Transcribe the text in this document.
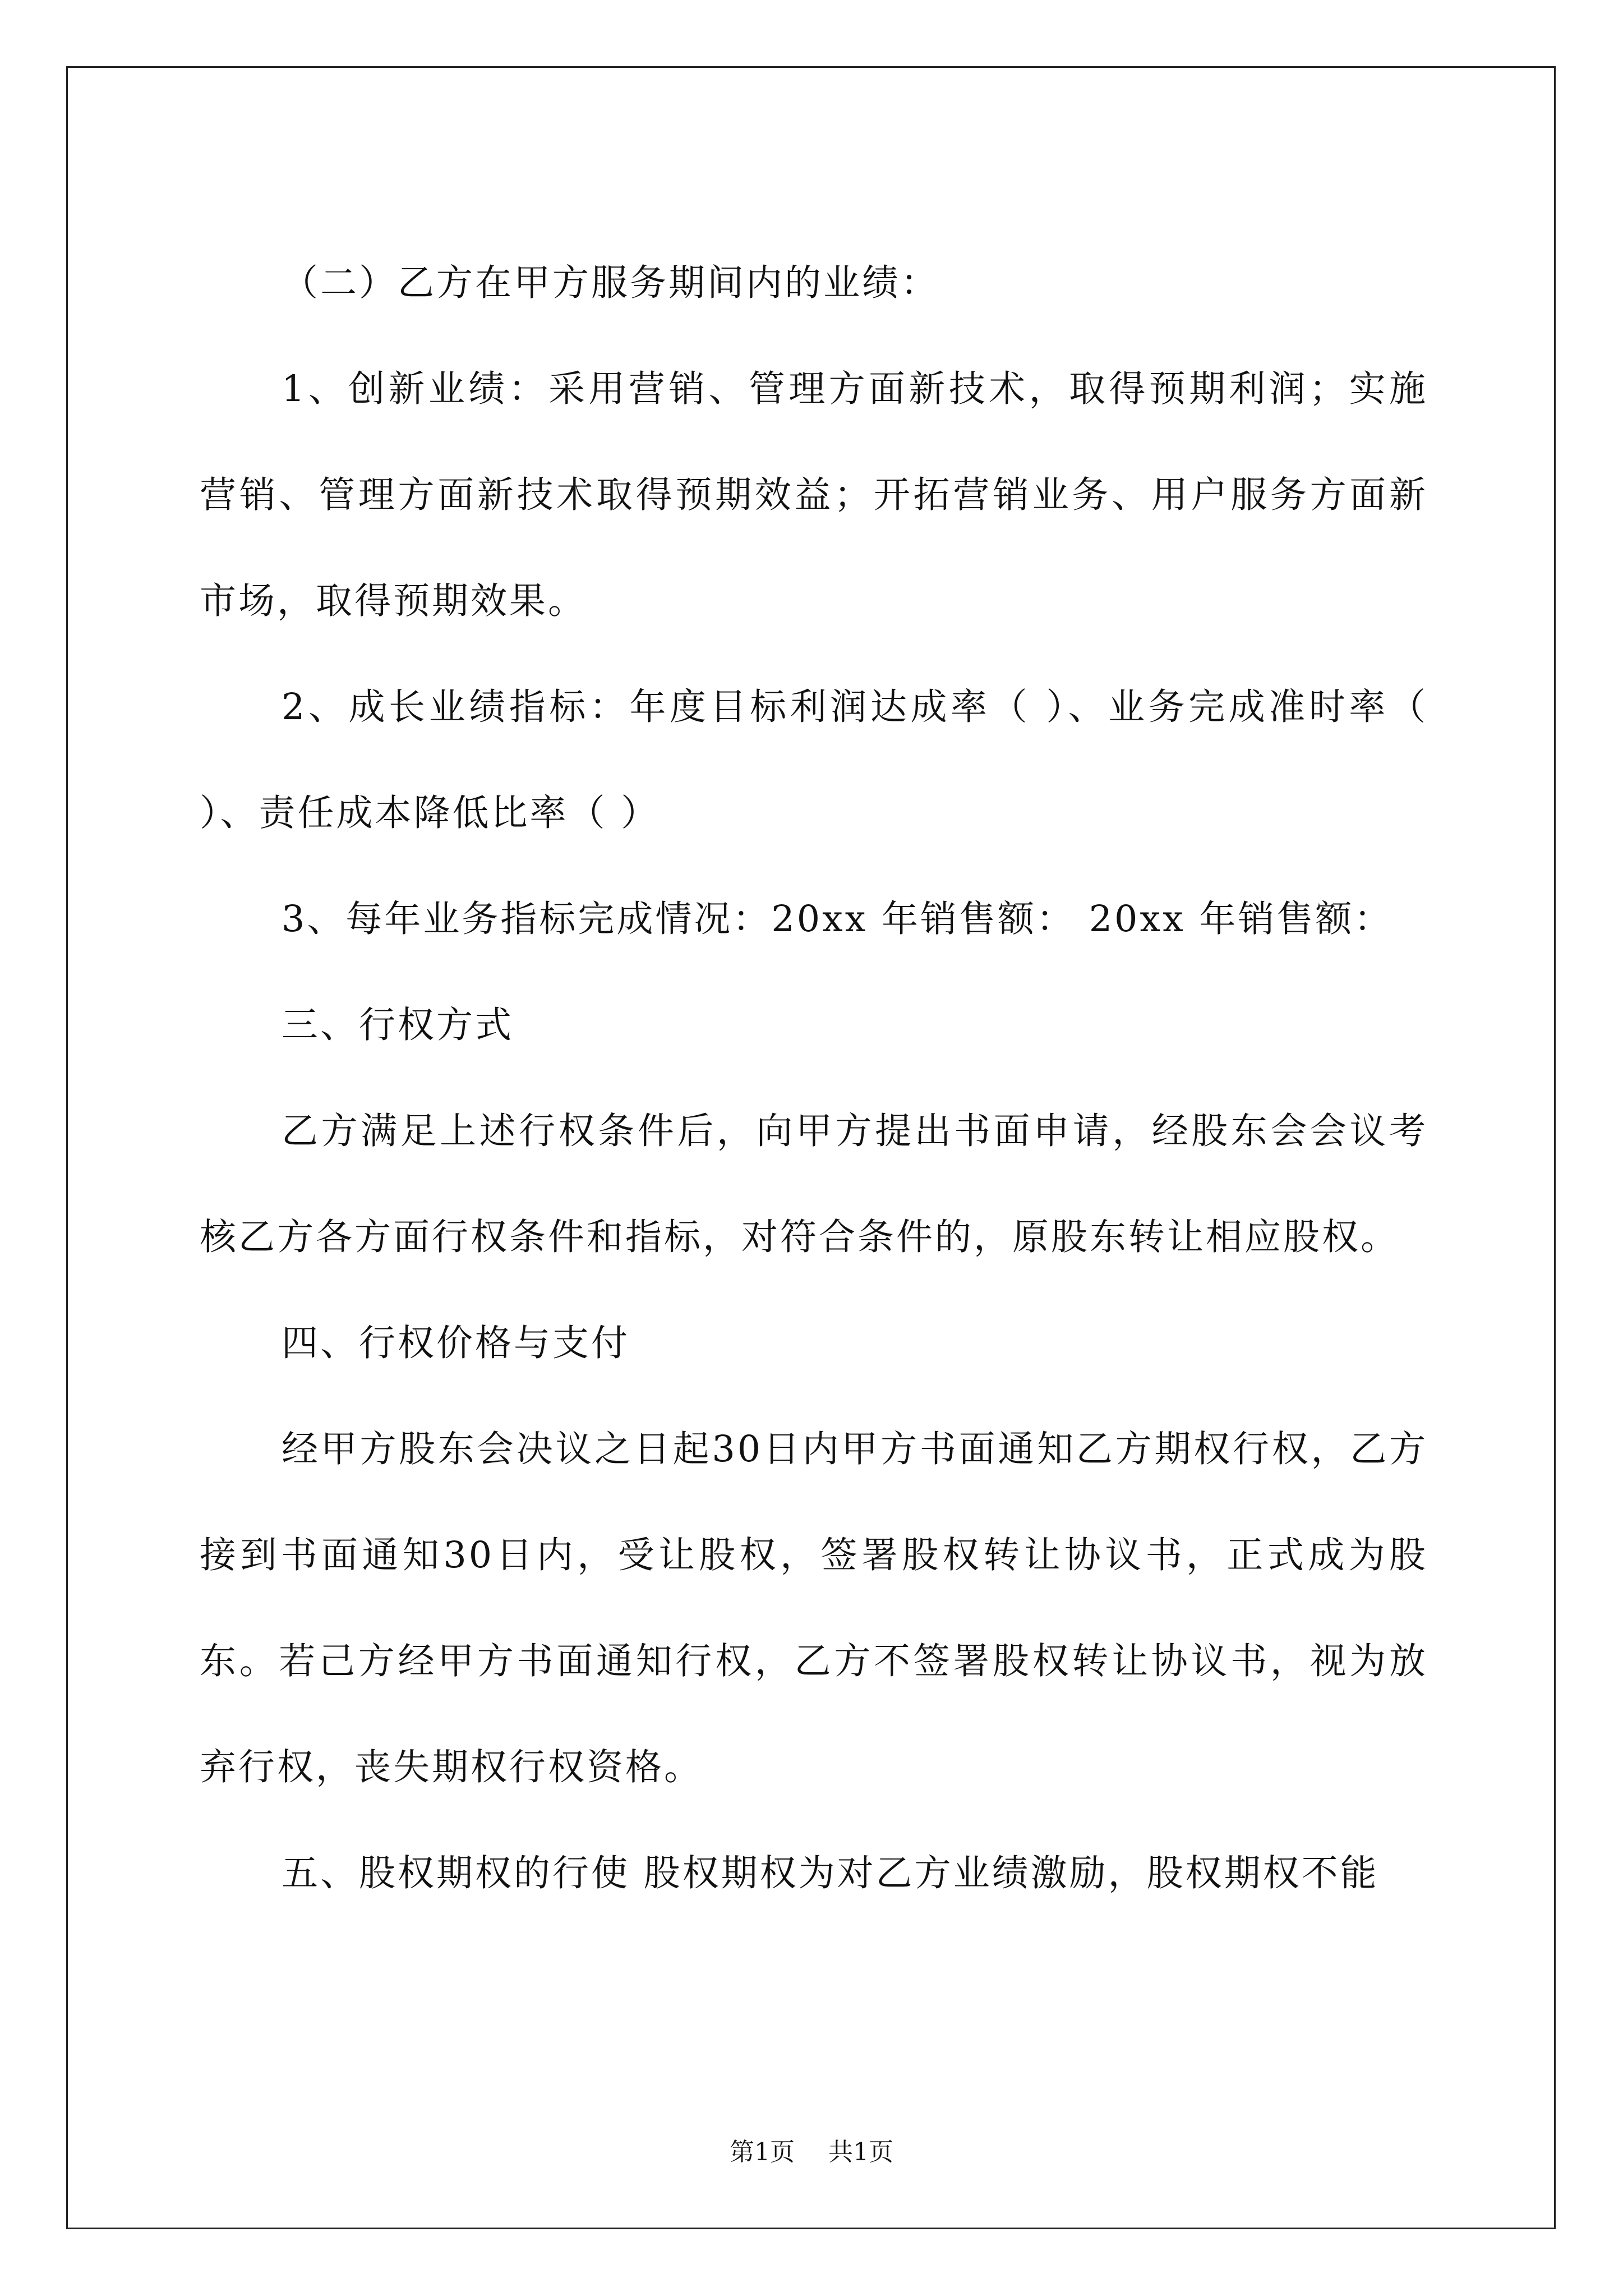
（二）乙方在甲方服务期间内的业绩：

1、创新业绩：采用营销、管理方面新技术，取得预期利润；实施营销、管理方面新技术取得预期效益；开拓营销业务、用户服务方面新市场，取得预期效果。

2、成长业绩指标：年度目标利润达成率（ ）、业务完成准时率（ ）、责任成本降低比率（ ）

3、每年业务指标完成情况：20xx 年销售额： 20xx 年销售额：

三、行权方式

乙方满足上述行权条件后，向甲方提出书面申请，经股东会会议考核乙方各方面行权条件和指标，对符合条件的，原股东转让相应股权。

四、行权价格与支付

经甲方股东会决议之日起30日内甲方书面通知乙方期权行权，乙方接到书面通知30日内，受让股权，签署股权转让协议书，正式成为股东。若己方经甲方书面通知行权，乙方不签署股权转让协议书，视为放弃行权，丧失期权行权资格。

五、股权期权的行使 股权期权为对乙方业绩激励，股权期权不能

第1页 共1页
